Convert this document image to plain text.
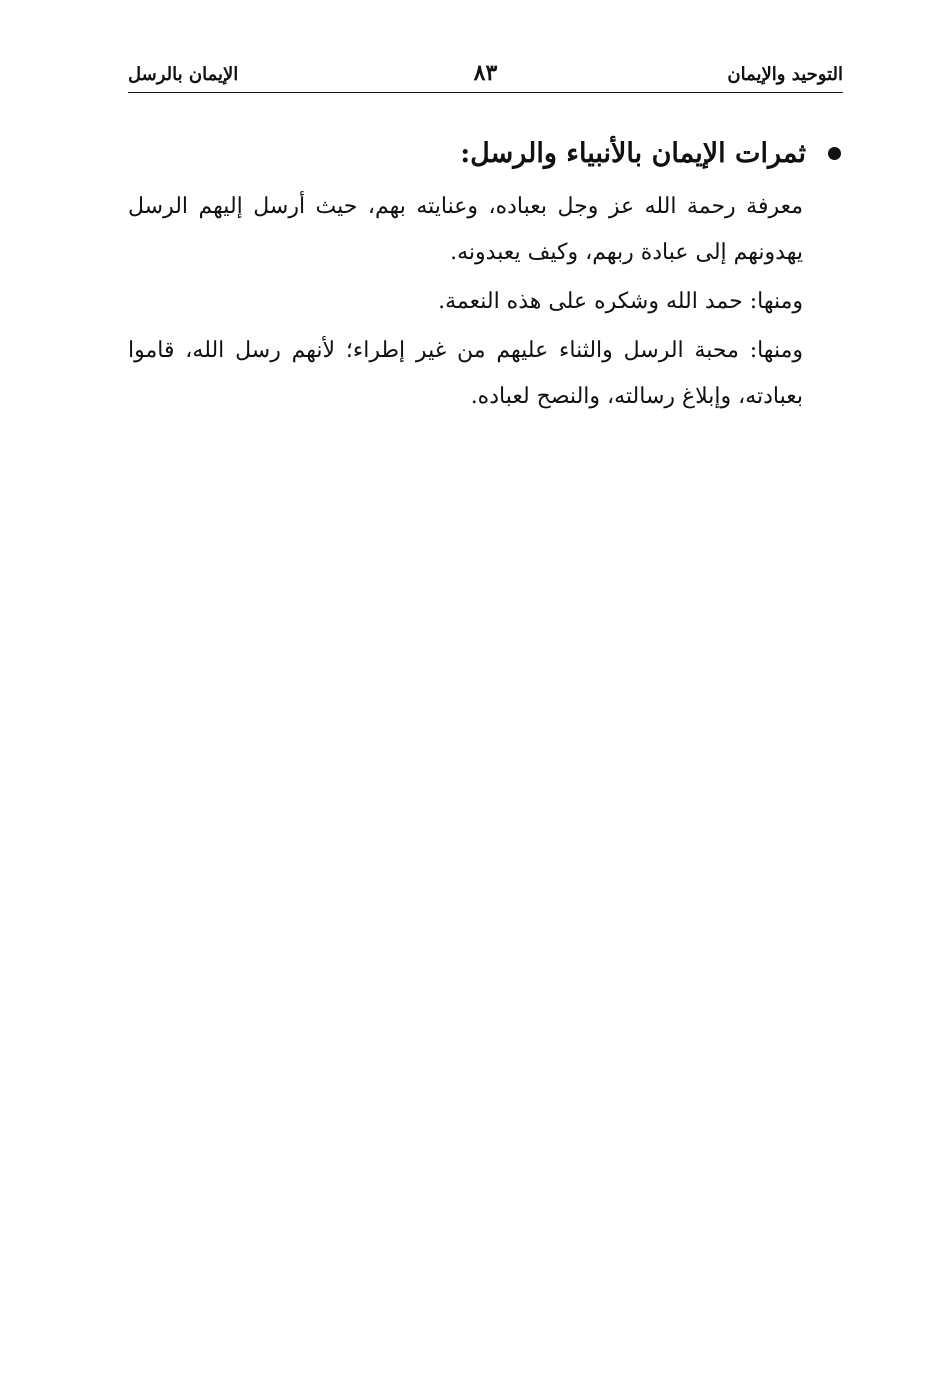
التوحيد والإيمان
٨٣
الإيمان بالرسل
ثمرات الإيمان بالأنبياء والرسل:

معرفة رحمة الله عز وجل بعباده، وعنايته بهم، حيث أرسل إليهم الرسل يهدونهم إلى عبادة ربهم، وكيف يعبدونه.

ومنها: حمد الله وشكره على هذه النعمة.

ومنها: محبة الرسل والثناء عليهم من غير إطراء؛ لأنهم رسل الله، قاموا بعبادته، وإبلاغ رسالته، والنصح لعباده.
